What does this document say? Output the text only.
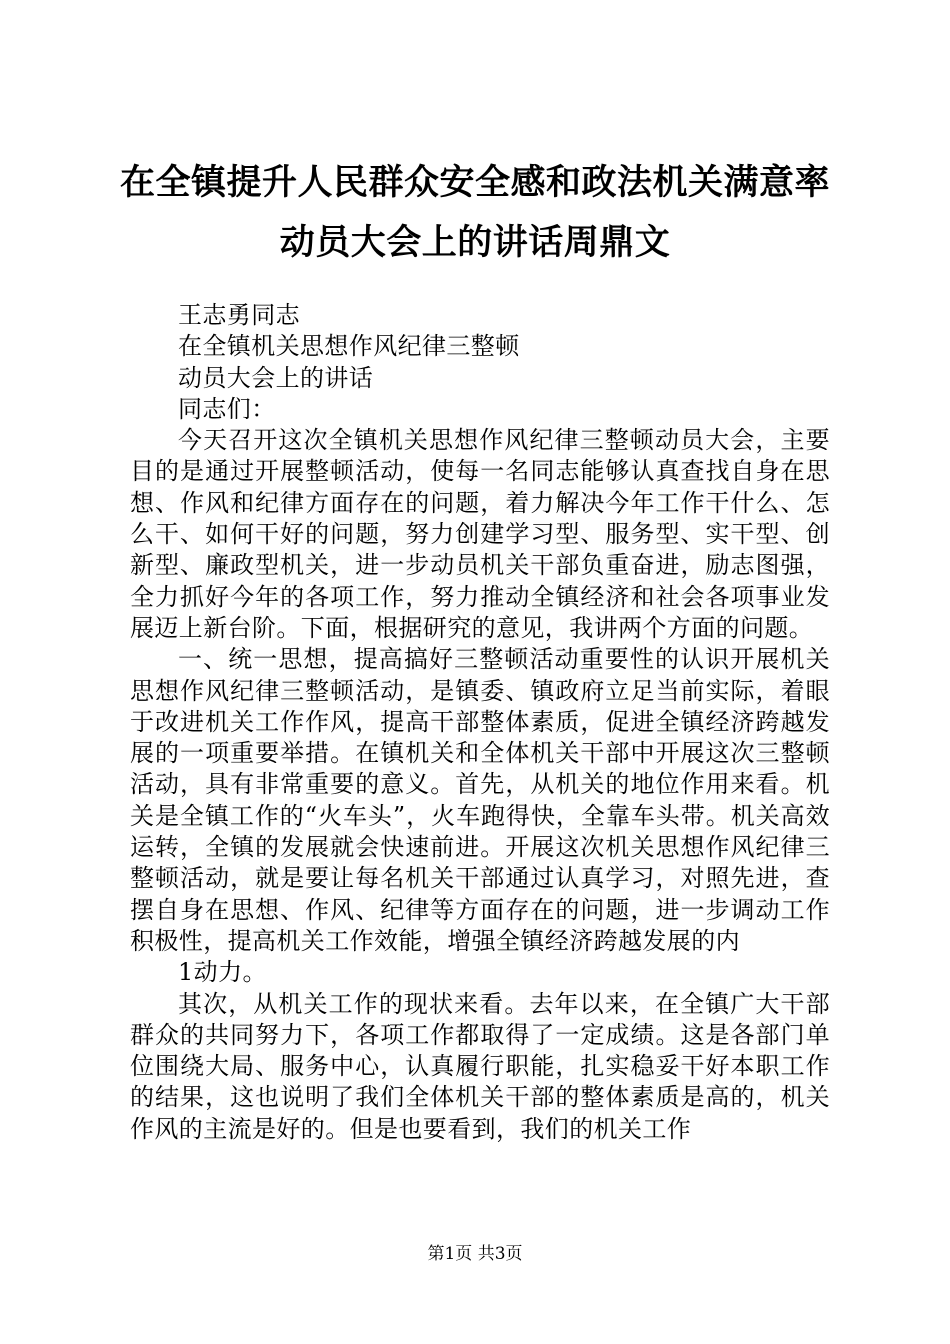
在全镇提升人民群众安全感和政法机关满意率
动员大会上的讲话周鼎文

王志勇同志

在全镇机关思想作风纪律三整顿

动员大会上的讲话

同志们：

今天召开这次全镇机关思想作风纪律三整顿动员大会，主要目的是通过开展整顿活动，使每一名同志能够认真查找自身在思想、作风和纪律方面存在的问题，着力解决今年工作干什么、怎么干、如何干好的问题，努力创建学习型、服务型、实干型、创新型、廉政型机关，进一步动员机关干部负重奋进，励志图强，全力抓好今年的各项工作，努力推动全镇经济和社会各项事业发展迈上新台阶。下面，根据研究的意见，我讲两个方面的问题。

一、统一思想，提高搞好三整顿活动重要性的认识开展机关思想作风纪律三整顿活动，是镇委、镇政府立足当前实际，着眼于改进机关工作作风，提高干部整体素质，促进全镇经济跨越发展的一项重要举措。在镇机关和全体机关干部中开展这次三整顿活动，具有非常重要的意义。首先，从机关的地位作用来看。机关是全镇工作的“火车头”，火车跑得快，全靠车头带。机关高效运转，全镇的发展就会快速前进。开展这次机关思想作风纪律三整顿活动，就是要让每名机关干部通过认真学习，对照先进，查摆自身在思想、作风、纪律等方面存在的问题，进一步调动工作积极性，提高机关工作效能，增强全镇经济跨越发展的内

1动力。

其次，从机关工作的现状来看。去年以来，在全镇广大干部群众的共同努力下，各项工作都取得了一定成绩。这是各部门单位围绕大局、服务中心，认真履行职能，扎实稳妥干好本职工作的结果，这也说明了我们全体机关干部的整体素质是高的，机关作风的主流是好的。但是也要看到，我们的机关工作

第1页 共3页
